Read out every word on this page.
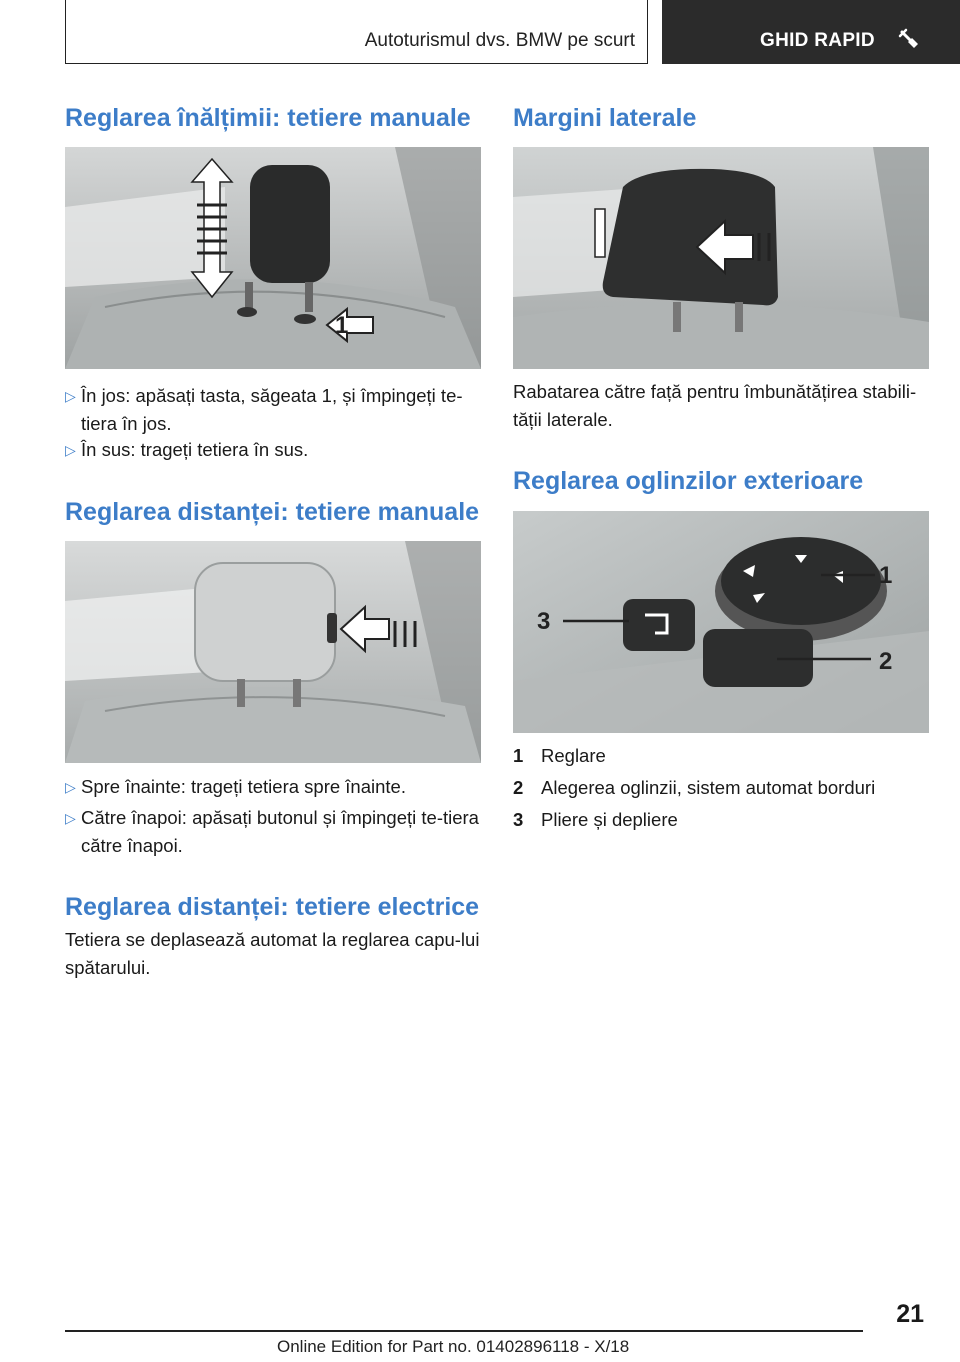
Autoturismul dvs. BMW pe scurt	GHID RAPID
Reglarea înălțimii: tetiere manuale
1
▷ În jos: apăsați tasta, săgeata 1, și împingeți te-tiera în jos.
▷ În sus: trageți tetiera în sus.
Reglarea distanței: tetiere manuale
▷ Spre înainte: trageți tetiera spre înainte.
▷ Către înapoi: apăsați butonul și împingeți te-tiera către înapoi.
Reglarea distanței: tetiere electrice

Tetiera se deplasează automat la reglarea capu-lui spătarului.

Margini laterale

Rabatarea către față pentru îmbunătățirea stabili-tății laterale.

Reglarea oglinzilor exterioare
1
2
3
1 Reglare
2 Alegerea oglinzii, sistem automat borduri
3 Pliere și depliere
21
Online Edition for Part no. 01402896118 - X/18
